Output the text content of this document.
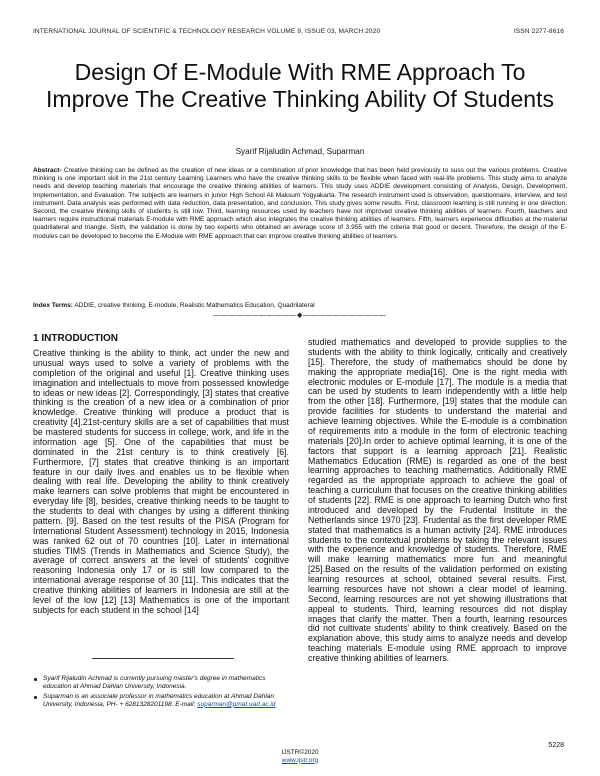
INTERNATIONAL JOURNAL OF SCIENTIFIC & TECHNOLOGY RESEARCH VOLUME 9, ISSUE 03, MARCH 2020	ISSN 2277-8616
Design Of E-Module With RME Approach To Improve The Creative Thinking Ability Of Students
Syarif Rijaludin Achmad, Suparman
Abstract- Creative thinking can be defined as the creation of new ideas or a combination of prior knowledge that has been held previously to suss out the various problems. Creative thinking is one important skill in the 21st century Learning Learners who have the creative thinking skills to be flexible when faced with real-life problems. This study aims to analyze needs and develop teaching materials that encourage the creative thinking abilities of learners. This study uses ADDIE development consisting of Analysis, Design, Development, Implementation, and Evaluation. The subjects are learners in junior High School Ali Maksum Yogyakarta. The research instrument used is observation, questionnaire, interview, and test instrument. Data analysis was performed with data reduction, data presentation, and conclusion. This study gives some results. First, classroom learning is still running in one direction. Second, the creative thinking skills of students is still low. Third, learning resources used by teachers have not improved creative thinking abilities of learners. Fourth, teachers and learners require instructional materials E-module with RME approach which also integrates the creative thinking abilities of learners. Fifth, learners experience difficulties at the material quadrilateral and triangle. Sixth, the validation is done by two experts who obtained an average score of 3.955 with the criteria that good or decent. Therefore, the design of the E-modules can be developed to become the E-Module with RME approach that can improve creative thinking abilities of learners.
Index Terms: ADDIE, creative thinking, E-module, Realistic Mathematics Education, Quadrilateral
———————————◆———————————
1 INTRODUCTION
Creative thinking is the ability to think, act under the new and unusual ways used to solve a variety of problems with the completion of the original and useful [1]. Creative thinking uses imagination and intellectuals to move from possessed knowledge to ideas or new ideas [2]. Correspondingly, [3] states that creative thinking is the creation of a new idea or a combination of prior knowledge. Creative thinking will produce a product that is creativity [4].21st-century skills are a set of capabilities that must be mastered students for success in college, work, and life in the information age [5]. One of the capabilities that must be dominated in the 21st century is to think creatively [6]. Furthermore, [7] states that creative thinking is an important feature in our daily lives and enables us to be flexible when dealing with real life. Developing the ability to think creatively make learners can solve problems that might be encountered in everyday life [8], besides, creative thinking needs to be taught to the students to deal with changes by using a different thinking pattern. [9]. Based on the test results of the PISA (Program for International Student Assessment) technology in 2015, Indonesia was ranked 62 out of 70 countries [10]. Later in international studies TIMS (Trends in Mathematics and Science Study), the average of correct answers at the level of students' cognitive reasoning Indonesia only 17 or is still low compared to the international average response of 30 [11]. This indicates that the creative thinking abilities of learners in Indonesia are still at the level of the low [12] [13] Mathematics is one of the important subjects for each student in the school [14]
studied mathematics and developed to provide supplies to the students with the ability to think logically, critically and creatively [15]. Therefore, the study of mathematics should be done by making the appropriate media[16]. One is the right media with electronic modules or E-module [17]. The module is a media that can be used by students to learn independently with a little help from the other [18]. Furthermore, [19] states that the module can provide facilities for students to understand the material and achieve learning objectives. While the E-module is a combination of requirements into a module in the form of electronic teaching materials [20].In order to achieve optimal learning, it is one of the factors that support is a learning approach [21]. Realistic Mathematics Education (RME) is regarded as one of the best learning approaches to teaching mathematics. Additionally RME regarded as the appropriate approach to achieve the goal of teaching a curriculum that focuses on the creative thinking abilities of students [22]. RME is one approach to learning Dutch who first introduced and developed by the Frudental Institute in the Netherlands since 1970 [23]. Frudental as the first developer RME stated that mathematics is a human activity [24]. RME introduces students to the contextual problems by taking the relevant issues with the experience and knowledge of students. Therefore, RME will make learning mathematics more fun and meaningful [25].Based on the results of the validation performed on existing learning resources at school, obtained several results. First, learning resources have not shown a clear model of learning. Second, learning resources are not yet showing illustrations that appeal to students. Third, learning resources did not display images that clarify the matter. Then a fourth, learning resources did not cultivate students' ability to think creatively. Based on the explanation above, this study aims to analyze needs and develop teaching materials E-module using RME approach to improve creative thinking abilities of learners.
Syarif Rijaludin Achmad is currently pursuing master's degree in mathematics education at Ahmad Dahlan University, Indonesia.
Suparman is an associate professor in mathematics education at Ahmad Dahlan University, Indonesia, PH- + 6281328201198. E-mail: suparman@pmat.uad.ac.id
5228
IJSTR©2020
www.ijstr.org
